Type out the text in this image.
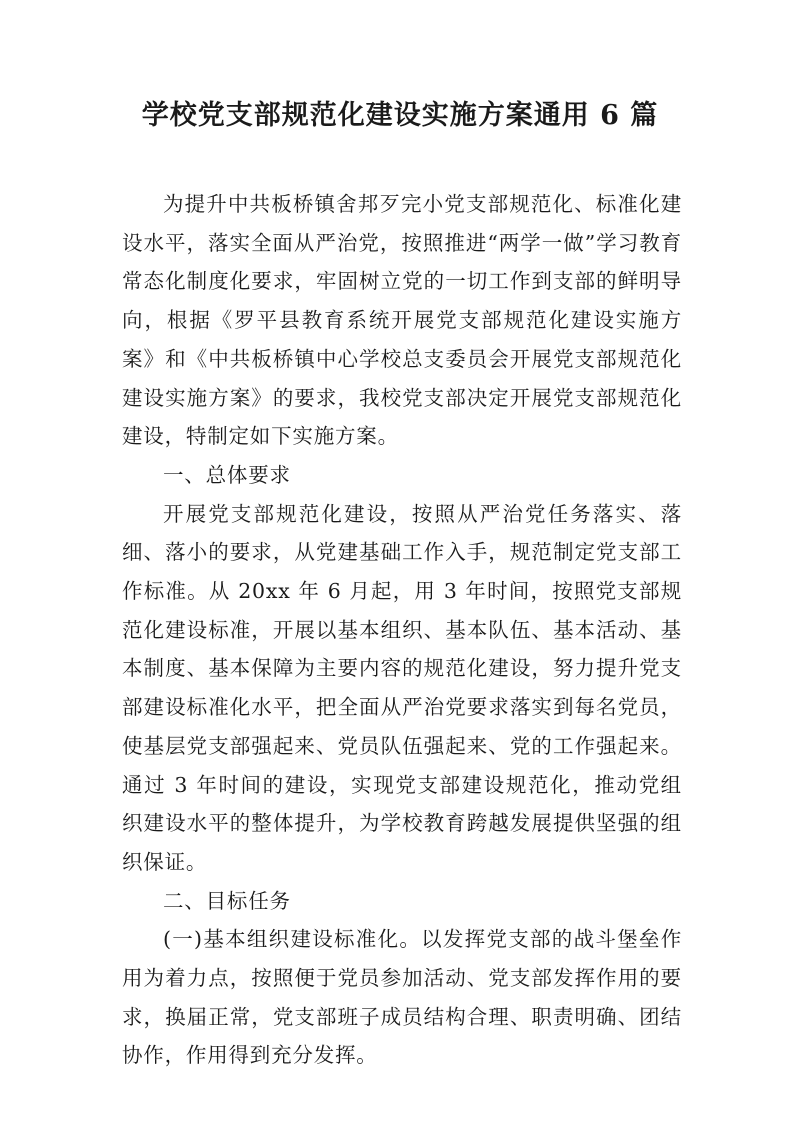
学校党支部规范化建设实施方案通用 6 篇

为提升中共板桥镇舍邦歹完小党支部规范化、标准化建设水平，落实全面从严治党，按照推进“两学一做”学习教育常态化制度化要求，牢固树立党的一切工作到支部的鲜明导向，根据《罗平县教育系统开展党支部规范化建设实施方案》和《中共板桥镇中心学校总支委员会开展党支部规范化建设实施方案》的要求，我校党支部决定开展党支部规范化建设，特制定如下实施方案。

一、总体要求

开展党支部规范化建设，按照从严治党任务落实、落细、落小的要求，从党建基础工作入手，规范制定党支部工作标准。从 20xx 年 6 月起，用 3 年时间，按照党支部规范化建设标准，开展以基本组织、基本队伍、基本活动、基本制度、基本保障为主要内容的规范化建设，努力提升党支部建设标准化水平，把全面从严治党要求落实到每名党员，使基层党支部强起来、党员队伍强起来、党的工作强起来。通过 3 年时间的建设，实现党支部建设规范化，推动党组织建设水平的整体提升，为学校教育跨越发展提供坚强的组织保证。

二、目标任务

(一)基本组织建设标准化。以发挥党支部的战斗堡垒作用为着力点，按照便于党员参加活动、党支部发挥作用的要求，换届正常，党支部班子成员结构合理、职责明确、团结协作，作用得到充分发挥。
